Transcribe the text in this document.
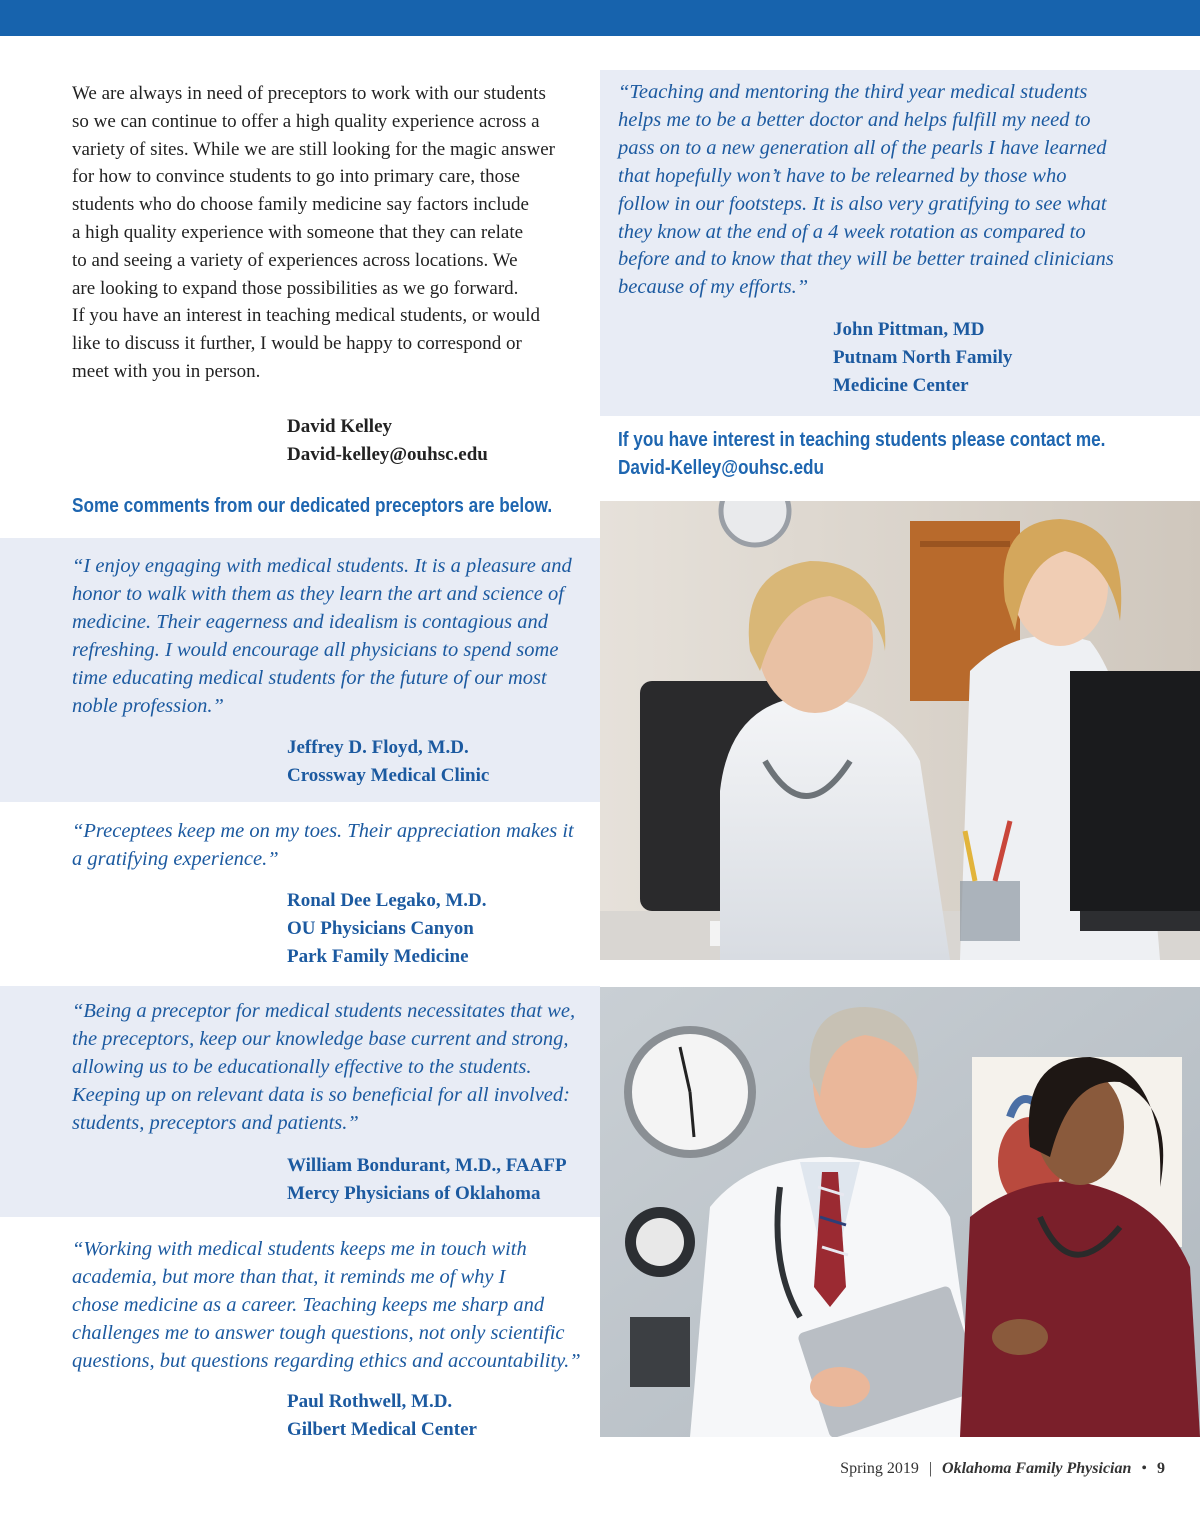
We are always in need of preceptors to work with our students
so we can continue to offer a high quality experience across a
variety of sites. While we are still looking for the magic answer
for how to convince students to go into primary care, those
students who do choose family medicine say factors include
a high quality experience with someone that they can relate
to and seeing a variety of experiences across locations. We
are looking to expand those possibilities as we go forward.
If you have an interest in teaching medical students, or would
like to discuss it further, I would be happy to correspond or
meet with you in person.
David Kelley
David-kelley@ouhsc.edu
Some comments from our dedicated preceptors are below.
“I enjoy engaging with medical students. It is a pleasure and
honor to walk with them as they learn the art and science of
medicine. Their eagerness and idealism is contagious and
refreshing. I would encourage all physicians to spend some
time educating medical students for the future of our most
noble profession.”
Jeffrey D. Floyd, M.D.
Crossway Medical Clinic
“Preceptees keep me on my toes. Their appreciation makes it
a gratifying experience.”
Ronal Dee Legako, M.D.
OU Physicians Canyon
Park Family Medicine
“Being a preceptor for medical students necessitates that we,
the preceptors, keep our knowledge base current and strong,
allowing us to be educationally effective to the students.
Keeping up on relevant data is so beneficial for all involved:
students, preceptors and patients.”
William Bondurant, M.D., FAAFP
Mercy Physicians of Oklahoma
“Working with medical students keeps me in touch with
academia, but more than that, it reminds me of why I
chose medicine as a career. Teaching keeps me sharp and
challenges me to answer tough questions, not only scientific
questions, but questions regarding ethics and accountability.”
Paul Rothwell, M.D.
Gilbert Medical Center
“Teaching and mentoring the third year medical students
helps me to be a better doctor and helps fulfill my need to
pass on to a new generation all of the pearls I have learned
that hopefully won’t have to be relearned by those who
follow in our footsteps. It is also very gratifying to see what
they know at the end of a 4 week rotation as compared to
before and to know that they will be better trained clinicians
because of my efforts.”
John Pittman, MD
Putnam North Family
Medicine Center
If you have interest in teaching students please contact me.
David-Kelley@ouhsc.edu
Spring 2019 | Oklahoma Family Physician • 9
